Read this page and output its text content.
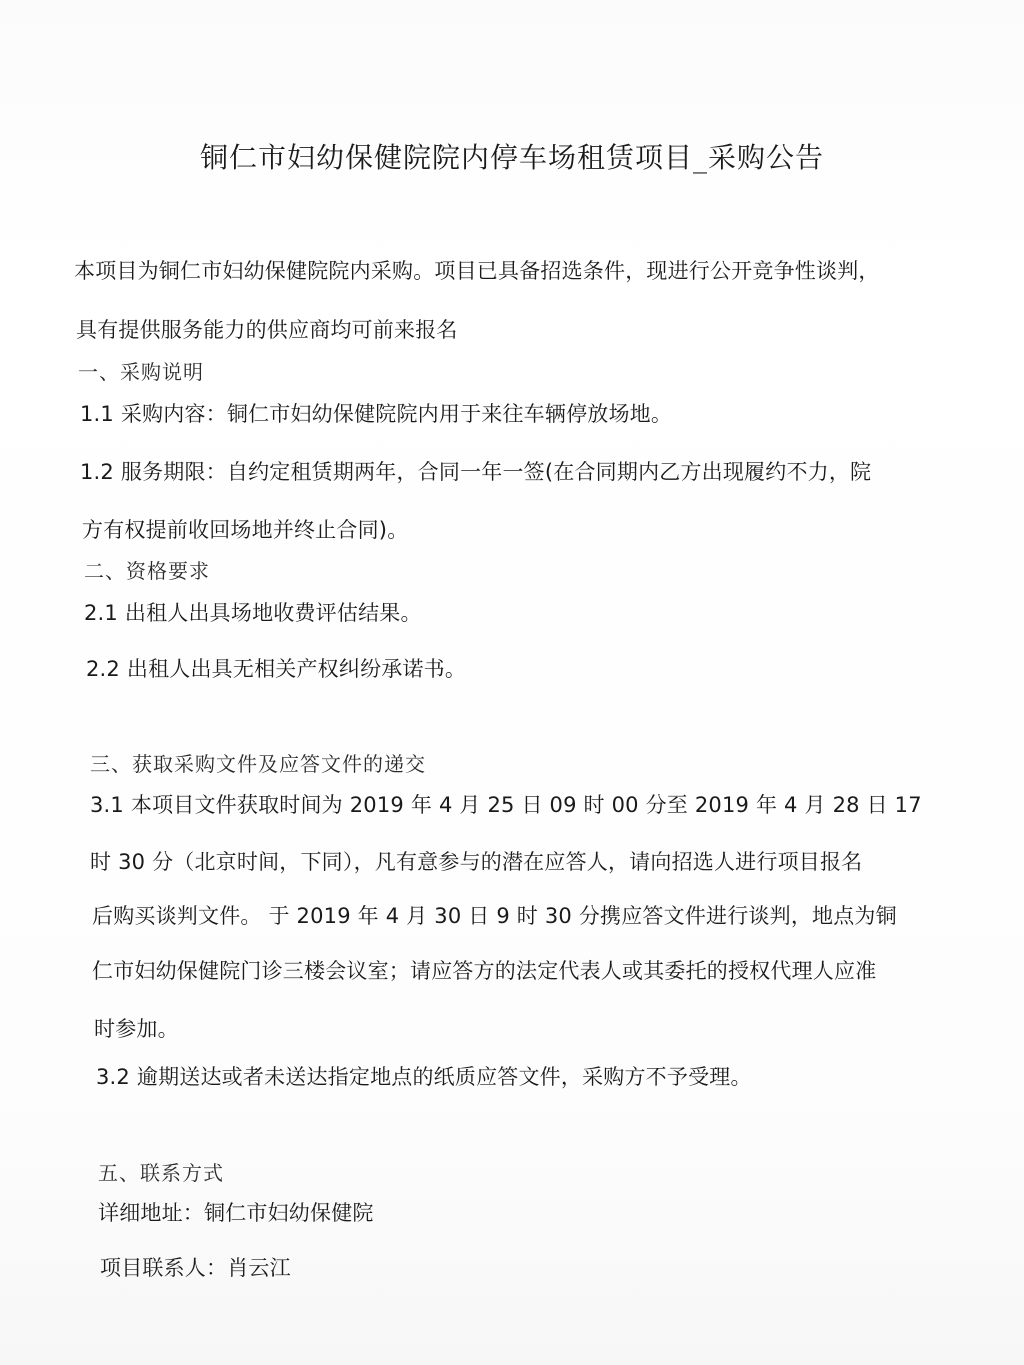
铜仁市妇幼保健院院内停车场租赁项目_采购公告
本项目为铜仁市妇幼保健院院内采购。项目已具备招选条件，现进行公开竞争性谈判，
具有提供服务能力的供应商均可前来报名
一、采购说明
1.1 采购内容：铜仁市妇幼保健院院内用于来往车辆停放场地。
1.2 服务期限：自约定租赁期两年，合同一年一签(在合同期内乙方出现履约不力，院
方有权提前收回场地并终止合同)。
二、资格要求
2.1 出租人出具场地收费评估结果。
2.2 出租人出具无相关产权纠纷承诺书。
三、获取采购文件及应答文件的递交
3.1 本项目文件获取时间为 2019 年 4 月 25 日 09 时 00 分至 2019 年 4 月 28 日 17
时 30 分（北京时间，下同），凡有意参与的潜在应答人，请向招选人进行项目报名
后购买谈判文件。 于 2019 年 4 月 30 日 9 时 30 分携应答文件进行谈判，地点为铜
仁市妇幼保健院门诊三楼会议室；请应答方的法定代表人或其委托的授权代理人应准
时参加。
3.2 逾期送达或者未送达指定地点的纸质应答文件，采购方不予受理。
五、联系方式
详细地址：铜仁市妇幼保健院
项目联系人：肖云江
